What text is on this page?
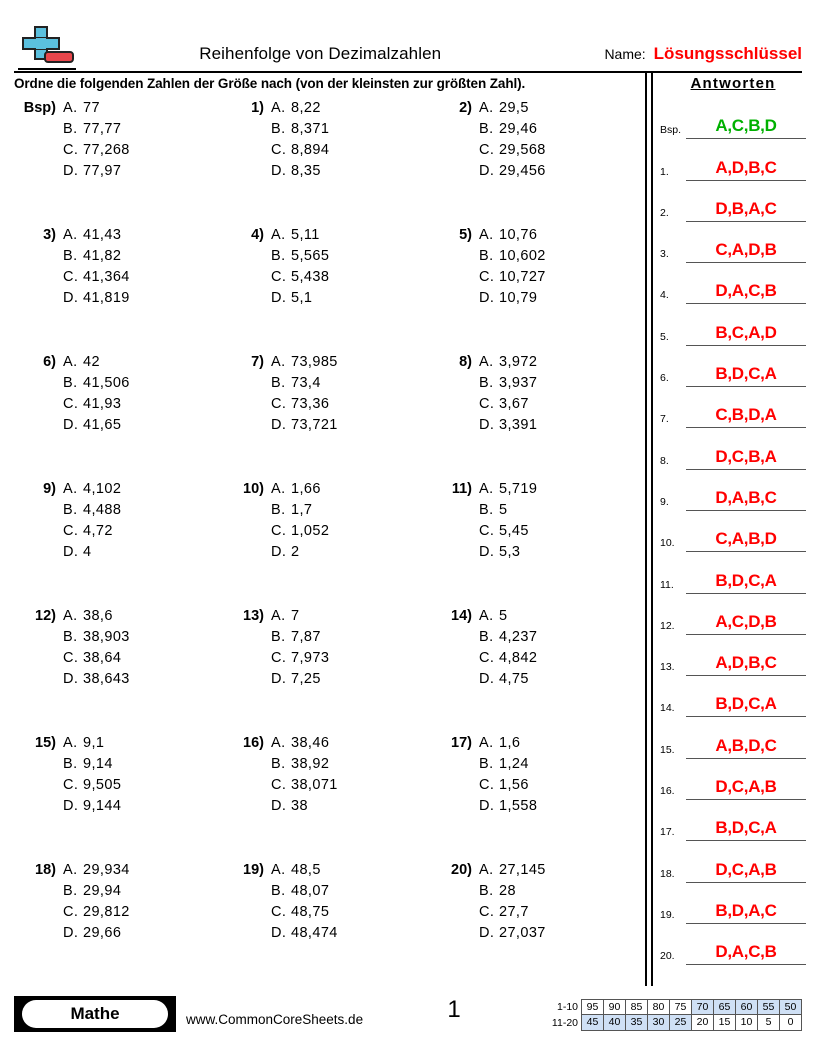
Reihenfolge von Dezimalzahlen	Name: Lösungsschlüssel
Ordne die folgenden Zahlen der Größe nach (von der kleinsten zur größten Zahl).
Bsp) A. 77
B. 77,77
C. 77,268
D. 77,97
1) A. 8,22
B. 8,371
C. 8,894
D. 8,35
2) A. 29,5
B. 29,46
C. 29,568
D. 29,456
3) A. 41,43
B. 41,82
C. 41,364
D. 41,819
4) A. 5,11
B. 5,565
C. 5,438
D. 5,1
5) A. 10,76
B. 10,602
C. 10,727
D. 10,79
6) A. 42
B. 41,506
C. 41,93
D. 41,65
7) A. 73,985
B. 73,4
C. 73,36
D. 73,721
8) A. 3,972
B. 3,937
C. 3,67
D. 3,391
9) A. 4,102
B. 4,488
C. 4,72
D. 4
10) A. 1,66
B. 1,7
C. 1,052
D. 2
11) A. 5,719
B. 5
C. 5,45
D. 5,3
12) A. 38,6
B. 38,903
C. 38,64
D. 38,643
13) A. 7
B. 7,87
C. 7,973
D. 7,25
14) A. 5
B. 4,237
C. 4,842
D. 4,75
15) A. 9,1
B. 9,14
C. 9,505
D. 9,144
16) A. 38,46
B. 38,92
C. 38,071
D. 38
17) A. 1,6
B. 1,24
C. 1,56
D. 1,558
18) A. 29,934
B. 29,94
C. 29,812
D. 29,66
19) A. 48,5
B. 48,07
C. 48,75
D. 48,474
20) A. 27,145
B. 28
C. 27,7
D. 27,037
Antworten
Bsp.	A,C,B,D
1.	A,D,B,C
2.	D,B,A,C
3.	C,A,D,B
4.	D,A,C,B
5.	B,C,A,D
6.	B,D,C,A
7.	C,B,D,A
8.	D,C,B,A
9.	D,A,B,C
10.	C,A,B,D
11.	B,D,C,A
12.	A,C,D,B
13.	A,D,B,C
14.	B,D,C,A
15.	A,B,D,C
16.	D,C,A,B
17.	B,D,C,A
18.	D,C,A,B
19.	B,D,A,C
20.	D,A,C,B
Mathe	www.CommonCoreSheets.de	1	1-10 95 90 85 80 75 70 65 60 55 50
11-20 45 40 35 30 25 20 15 10	5	0
